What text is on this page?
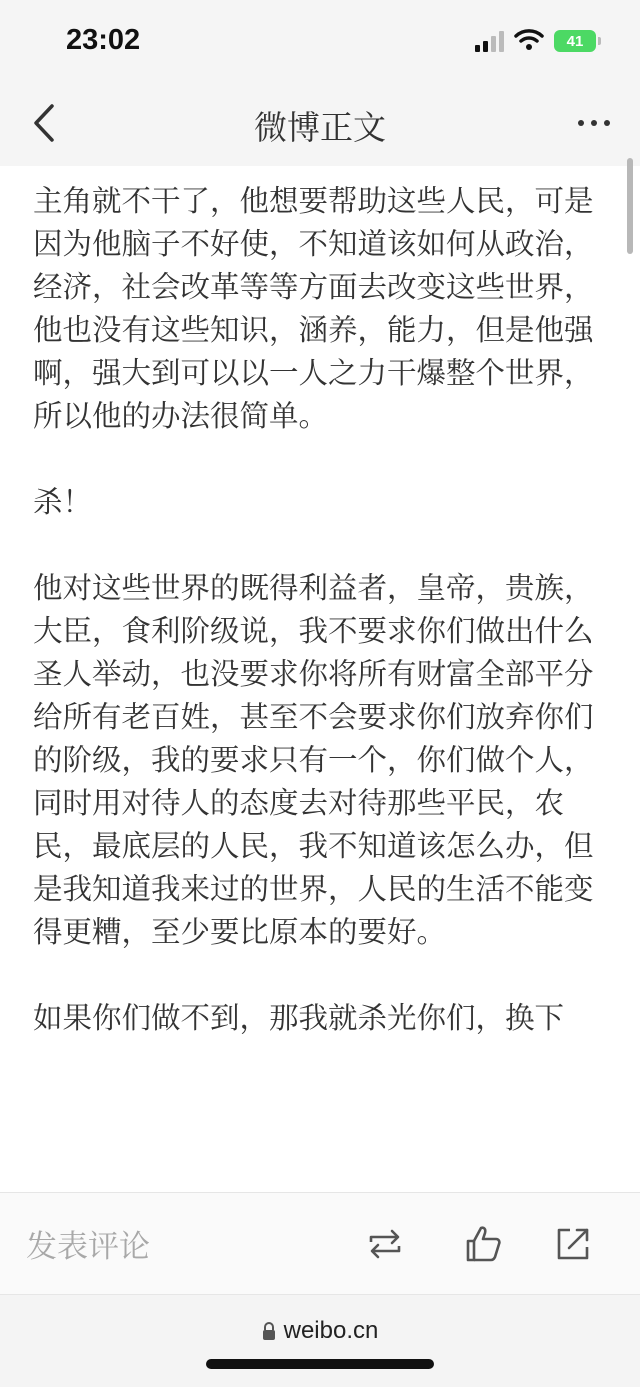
23:02	41
微博正文

主角就不干了，他想要帮助这些人民，可是因为他脑子不好使，不知道该如何从政治，经济，社会改革等等方面去改变这些世界，他也没有这些知识，涵养，能力，但是他强啊，强大到可以以一人之力干爆整个世界，所以他的办法很简单。

杀！

他对这些世界的既得利益者，皇帝，贵族，大臣，食利阶级说，我不要求你们做出什么圣人举动，也没要求你将所有财富全部平分给所有老百姓，甚至不会要求你们放弃你们的阶级，我的要求只有一个，你们做个人，同时用对待人的态度去对待那些平民，农民，最底层的人民，我不知道该怎么办，但是我知道我来过的世界，人民的生活不能变得更糟，至少要比原本的要好。

如果你们做不到，那我就杀光你们，换下

发表评论
weibo.cn
